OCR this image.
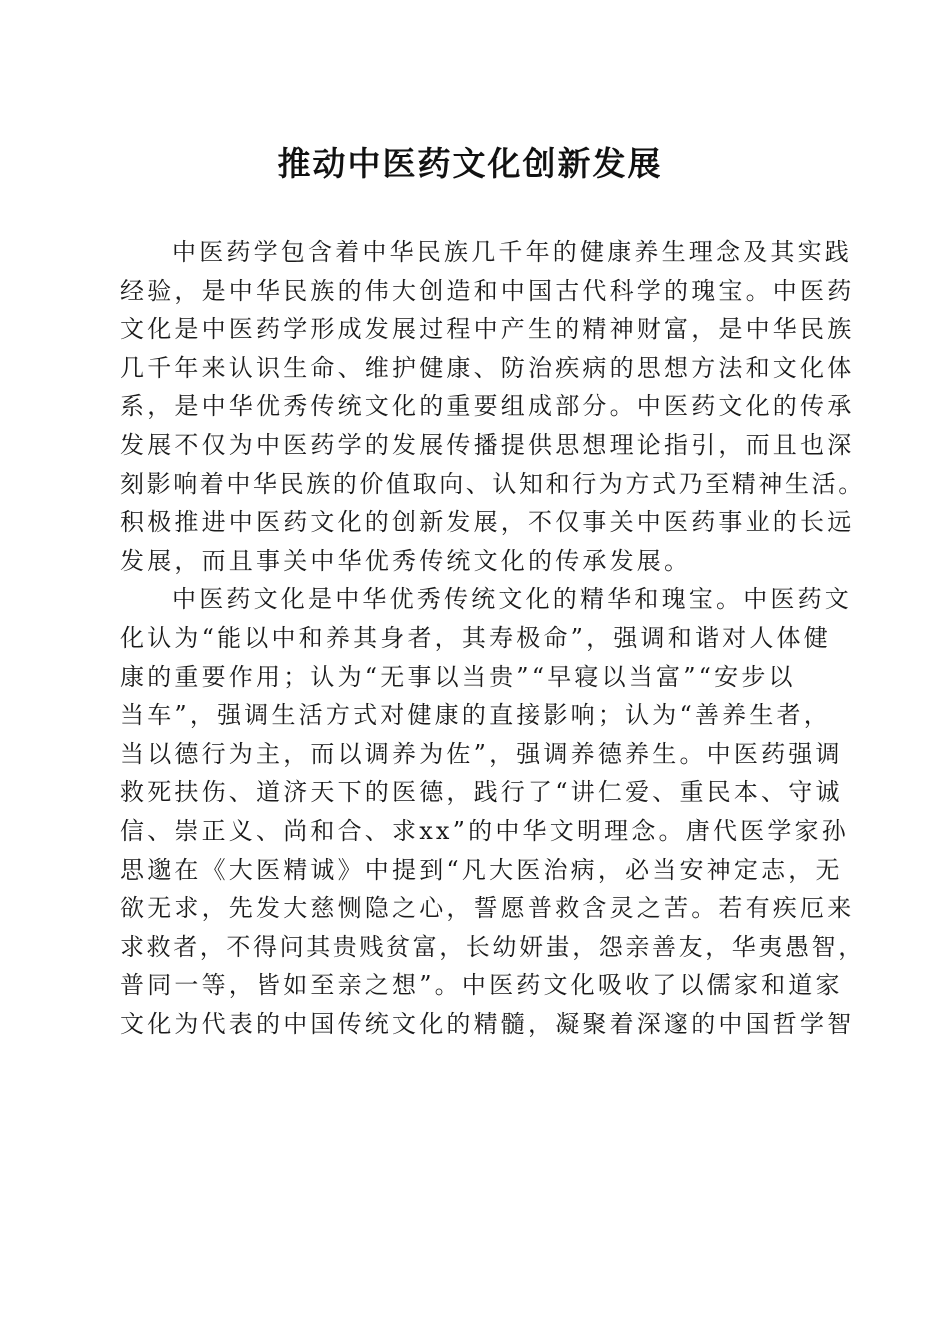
推动中医药文化创新发展
中医药学包含着中华民族几千年的健康养生理念及其实践
经验，是中华民族的伟大创造和中国古代科学的瑰宝。中医药
文化是中医药学形成发展过程中产生的精神财富，是中华民族
几千年来认识生命、维护健康、防治疾病的思想方法和文化体
系，是中华优秀传统文化的重要组成部分。中医药文化的传承
发展不仅为中医药学的发展传播提供思想理论指引，而且也深
刻影响着中华民族的价值取向、认知和行为方式乃至精神生活。
积极推进中医药文化的创新发展，不仅事关中医药事业的长远
发展，而且事关中华优秀传统文化的传承发展。
中医药文化是中华优秀传统文化的精华和瑰宝。中医药文
化认为“能以中和养其身者，其寿极命”，强调和谐对人体健
康的重要作用；认为“无事以当贵”“早寝以当富”“安步以
当车”，强调生活方式对健康的直接影响；认为“善养生者，
当以德行为主，而以调养为佐”，强调养德养生。中医药强调
救死扶伤、道济天下的医德，践行了“讲仁爱、重民本、守诚
信、崇正义、尚和合、求xx”的中华文明理念。唐代医学家孙
思邈在《大医精诚》中提到“凡大医治病，必当安神定志，无
欲无求，先发大慈恻隐之心，誓愿普救含灵之苦。若有疾厄来
求救者，不得问其贵贱贫富，长幼妍蚩，怨亲善友，华夷愚智，
普同一等，皆如至亲之想”。中医药文化吸收了以儒家和道家
文化为代表的中国传统文化的精髓，凝聚着深邃的中国哲学智
